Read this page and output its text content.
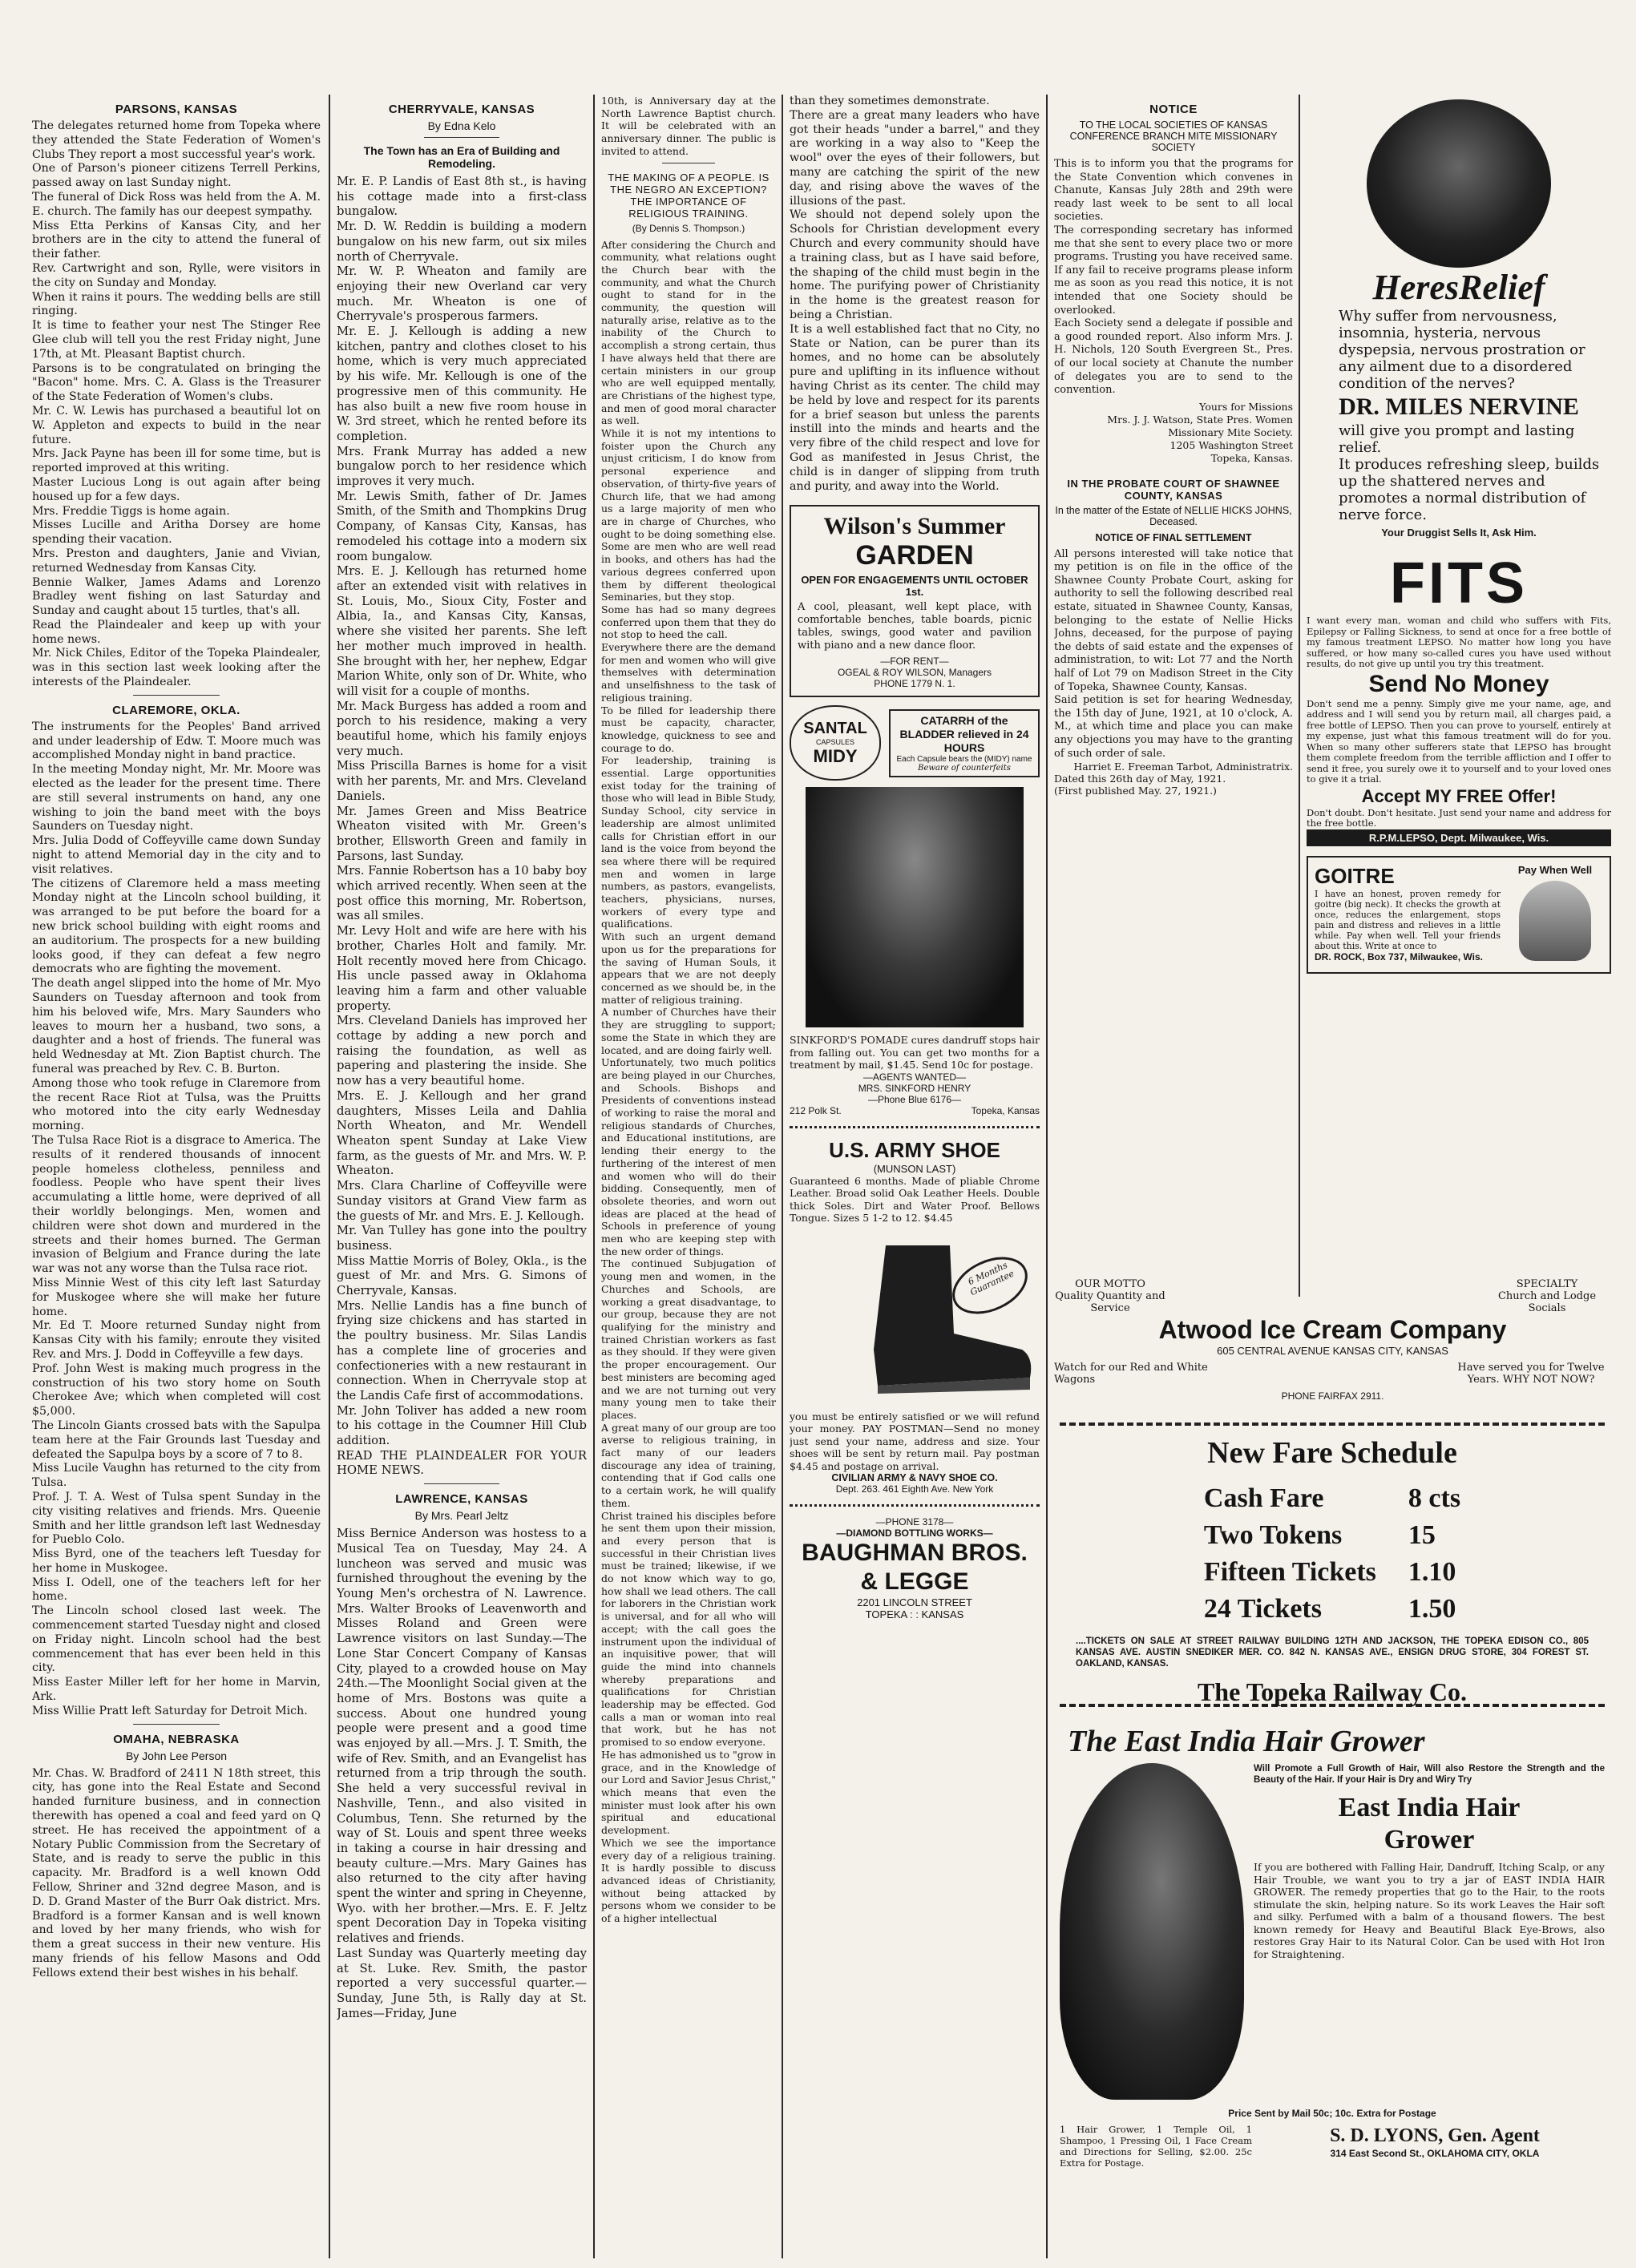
PARSONS, KANSAS

The delegates returned home from Topeka where they attended the State Federation of Women's Clubs They report a most successful year's work.
One of Parson's pioneer citizens Terrell Perkins, passed away on last Sunday night.
The funeral of Dick Ross was held from the A. M. E. church. The family has our deepest sympathy.
Miss Etta Perkins of Kansas City, and her brothers are in the city to attend the funeral of their father.
Rev. Cartwright and son, Rylle, were visitors in the city on Sunday and Monday.
When it rains it pours. The wedding bells are still ringing.
It is time to feather your nest The Stinger Ree Glee club will tell you the rest Friday night, June 17th, at Mt. Pleasant Baptist church.
Parsons is to be congratulated on bringing the "Bacon" home. Mrs. C. A. Glass is the Treasurer of the State Federation of Women's clubs.
Mr. C. W. Lewis has purchased a beautiful lot on W. Appleton and expects to build in the near future.
Mrs. Jack Payne has been ill for some time, but is reported improved at this writing.
Master Lucious Long is out again after being housed up for a few days.
Mrs. Freddie Tiggs is home again.
Misses Lucille and Aritha Dorsey are home spending their vacation.
Mrs. Preston and daughters, Janie and Vivian, returned Wednesday from Kansas City.
Bennie Walker, James Adams and Lorenzo Bradley went fishing on last Saturday and Sunday and caught about 15 turtles, that's all.
Read the Plaindealer and keep up with your home news.
Mr. Nick Chiles, Editor of the Topeka Plaindealer, was in this section last week looking after the interests of the Plaindealer.

CLAREMORE, OKLA.

The instruments for the Peoples' Band arrived and under leadership of Edw. T. Moore much was accomplished Monday night in band practice.
In the meeting Monday night, Mr. Mr. Moore was elected as the leader for the present time. There are still several instruments on hand, any one wishing to join the band meet with the boys Saunders on Tuesday night.
Mrs. Julia Dodd of Coffeyville came down Sunday night to attend Memorial day in the city and to visit relatives.
The citizens of Claremore held a mass meeting Monday night at the Lincoln school building, it was arranged to be put before the board for a new brick school building with eight rooms and an auditorium. The prospects for a new building looks good, if they can defeat a few negro democrats who are fighting the movement.
The death angel slipped into the home of Mr. Myo Saunders on Tuesday afternoon and took from him his beloved wife, Mrs. Mary Saunders who leaves to mourn her a husband, two sons, a daughter and a host of friends. The funeral was held Wednesday at Mt. Zion Baptist church. The funeral was preached by Rev. C. B. Burton.
Among those who took refuge in Claremore from the recent Race Riot at Tulsa, was the Pruitts who motored into the city early Wednesday morning.
The Tulsa Race Riot is a disgrace to America. The results of it rendered thousands of innocent people homeless clotheless, penniless and foodless. People who have spent their lives accumulating a little home, were deprived of all their worldly belongings. Men, women and children were shot down and murdered in the streets and their homes burned. The German invasion of Belgium and France during the late war was not any worse than the Tulsa race riot.
Miss Minnie West of this city left last Saturday for Muskogee where she will make her future home.
Mr. Ed T. Moore returned Sunday night from Kansas City with his family; enroute they visited Rev. and Mrs. J. Dodd in Coffeyville a few days.
Prof. John West is making much progress in the construction of his two story home on South Cherokee Ave; which when completed will cost $5,000.
The Lincoln Giants crossed bats with the Sapulpa team here at the Fair Grounds last Tuesday and defeated the Sapulpa boys by a score of 7 to 8.
Miss Lucile Vaughn has returned to the city from Tulsa.
Prof. J. T. A. West of Tulsa spent Sunday in the city visiting relatives and friends. Mrs. Queenie Smith and her little grandson left last Wednesday for Pueblo Colo.
Miss Byrd, one of the teachers left Tuesday for her home in Muskogee.
Miss I. Odell, one of the teachers left for her home.
The Lincoln school closed last week. The commencement started Tuesday night and closed on Friday night. Lincoln school had the best commencement that has ever been held in this city.
Miss Easter Miller left for her home in Marvin, Ark.
Miss Willie Pratt left Saturday for Detroit Mich.

OMAHA, NEBRASKA
By John Lee Person

Mr. Chas. W. Bradford of 2411 N 18th street, this city, has gone into the Real Estate and Second handed furniture business, and in connection therewith has opened a coal and feed yard on Q street. He has received the appointment of a Notary Public Commission from the Secretary of State, and is ready to serve the public in this capacity. Mr. Bradford is a well known Odd Fellow, Shriner and 32nd degree Mason, and is D. D. Grand Master of the Burr Oak district. Mrs. Bradford is a former Kansan and is well known and loved by her many friends, who wish for them a great success in their new venture. His many friends of his fellow Masons and Odd Fellows extend their best wishes in his behalf.

CHERRYVALE, KANSAS
By Edna Kelo
The Town has an Era of Building and Remodeling.

Mr. E. P. Landis of East 8th st., is having his cottage made into a first-class bungalow.
Mr. D. W. Reddin is building a modern bungalow on his new farm, out six miles north of Cherryvale.
Mr. W. P. Wheaton and family are enjoying their new Overland car very much. Mr. Wheaton is one of Cherryvale's prosperous farmers.
Mr. E. J. Kellough is adding a new kitchen, pantry and clothes closet to his home, which is very much appreciated by his wife. Mr. Kellough is one of the progressive men of this community. He has also built a new five room house in W. 3rd street, which he rented before its completion.
Mrs. Frank Murray has added a new bungalow porch to her residence which improves it very much.
Mr. Lewis Smith, father of Dr. James Smith, of the Smith and Thompkins Drug Company, of Kansas City, Kansas, has remodeled his cottage into a modern six room bungalow.
Mrs. E. J. Kellough has returned home after an extended visit with relatives in St. Louis, Mo., Sioux City, Foster and Albia, Ia., and Kansas City, Kansas, where she visited her parents. She left her mother much improved in health. She brought with her, her nephew, Edgar Marion White, only son of Dr. White, who will visit for a couple of months.
Mr. Mack Burgess has added a room and porch to his residence, making a very beautiful home, which his family enjoys very much.
Miss Priscilla Barnes is home for a visit with her parents, Mr. and Mrs. Cleveland Daniels.
Mr. James Green and Miss Beatrice Wheaton visited with Mr. Green's brother, Ellsworth Green and family in Parsons, last Sunday.
Mrs. Fannie Robertson has a 10 baby boy which arrived recently. When seen at the post office this morning, Mr. Robertson, was all smiles.
Mr. Levy Holt and wife are here with his brother, Charles Holt and family. Mr. Holt recently moved here from Chicago. His uncle passed away in Oklahoma leaving him a farm and other valuable property.
Mrs. Cleveland Daniels has improved her cottage by adding a new porch and raising the foundation, as well as papering and plastering the inside. She now has a very beautiful home.
Mrs. E. J. Kellough and her grand daughters, Misses Leila and Dahlia North Wheaton, and Mr. Wendell Wheaton spent Sunday at Lake View farm, as the guests of Mr. and Mrs. W. P. Wheaton.
Mrs. Clara Charline of Coffeyville were Sunday visitors at Grand View farm as the guests of Mr. and Mrs. E. J. Kellough.
Mr. Van Tulley has gone into the poultry business.
Miss Mattie Morris of Boley, Okla., is the guest of Mr. and Mrs. G. Simons of Cherryvale, Kansas.
Mrs. Nellie Landis has a fine bunch of frying size chickens and has started in the poultry business. Mr. Silas Landis has a complete line of groceries and confectioneries with a new restaurant in connection. When in Cherryvale stop at the Landis Cafe first of accommodations.
Mr. John Toliver has added a new room to his cottage in the Coumner Hill Club addition.
READ THE PLAINDEALER FOR YOUR HOME NEWS.

LAWRENCE, KANSAS
By Mrs. Pearl Jeltz

Miss Bernice Anderson was hostess to a Musical Tea on Tuesday, May 24. A luncheon was served and music was furnished throughout the evening by the Young Men's orchestra of N. Lawrence. Mrs. Walter Brooks of Leavenworth and Misses Roland and Green were Lawrence visitors on last Sunday.—The Lone Star Concert Company of Kansas City, played to a crowded house on May 24th.—The Moonlight Social given at the home of Mrs. Bostons was quite a success. About one hundred young people were present and a good time was enjoyed by all.—Mrs. J. T. Smith, the wife of Rev. Smith, and an Evangelist has returned from a trip through the south. She held a very successful revival in Nashville, Tenn., and also visited in Columbus, Tenn. She returned by the way of St. Louis and spent three weeks in taking a course in hair dressing and beauty culture.—Mrs. Mary Gaines has also returned to the city after having spent the winter and spring in Cheyenne, Wyo. with her brother.—Mrs. E. F. Jeltz spent Decoration Day in Topeka visiting relatives and friends.
Last Sunday was Quarterly meeting day at St. Luke. Rev. Smith, the pastor reported a very successful quarter.—Sunday, June 5th, is Rally day at St. James—Friday, June

10th, is Anniversary day at the North Lawrence Baptist church. It will be celebrated with an anniversary dinner. The public is invited to attend.

THE MAKING OF A PEOPLE. IS THE NEGRO AN EXCEPTION? THE IMPORTANCE OF RELIGIOUS TRAINING.
(By Dennis S. Thompson.)

After considering the Church and community, what relations ought the Church bear with the community, and what the Church ought to stand for in the community, the question will naturally arise, relative as to the inability of the Church to accomplish a strong certain, thus I have always held that there are certain ministers in our group who are well equipped mentally, are Christians of the highest type, and men of good moral character as well.
While it is not my intentions to foister upon the Church any unjust criticism, I do know from personal experience and observation, of thirty-five years of Church life, that we had among us a large majority of men who are in charge of Churches, who ought to be doing something else. Some are men who are well read in books, and others has had the various degrees conferred upon them by different theological Seminaries, but they stop.
Some has had so many degrees conferred upon them that they do not stop to heed the call.
Everywhere there are the demand for men and women who will give themselves with determination and unselfishness to the task of religious training.
To be filled for leadership there must be capacity, character, knowledge, quickness to see and courage to do.
For leadership, training is essential. Large opportunities exist today for the training of those who will lead in Bible Study, Sunday School, city service in leadership are almost unlimited calls for Christian effort in our land is the voice from beyond the sea where there will be required men and women in large numbers, as pastors, evangelists, teachers, physicians, nurses, workers of every type and qualifications.
With such an urgent demand upon us for the preparations for the saving of Human Souls, it appears that we are not deeply concerned as we should be, in the matter of religious training.
A number of Churches have their they are struggling to support; some the State in which they are located, and are doing fairly well.
Unfortunately, two much politics are being played in our Churches, and Schools. Bishops and Presidents of conventions instead of working to raise the moral and religious standards of Churches, and Educational institutions, are lending their energy to the furthering of the interest of men and women who will do their bidding. Consequently, men of obsolete theories, and worn out ideas are placed at the head of Schools in preference of young men who are keeping step with the new order of things.
The continued Subjugation of young men and women, in the Churches and Schools, are working a great disadvantage, to our group, because they are not qualifying for the ministry and trained Christian workers as fast as they should. If they were given the proper encouragement. Our best ministers are becoming aged and we are not turning out very many young men to take their places.
A great many of our group are too averse to religious training, in fact many of our leaders discourage any idea of training, contending that if God calls one to a certain work, he will qualify them.
Christ trained his disciples before he sent them upon their mission, and every person that is successful in their Christian lives must be trained; likewise, if we do not know which way to go, how shall we lead others. The call for laborers in the Christian work is universal, and for all who will accept; with the call goes the instrument upon the individual of an inquisitive power, that will guide the mind into channels whereby preparations and qualifications for Christian leadership may be effected. God calls a man or woman into real that work, but he has not promised to so endow everyone.
He has admonished us to "grow in grace, and in the Knowledge of our Lord and Savior Jesus Christ," which means that even the minister must look after his own spiritual and educational development.
Which we see the importance every day of a religious training. It is hardly possible to discuss advanced ideas of Christianity, without being attacked by persons whom we consider to be of a higher intellectual

than they sometimes demonstrate.
There are a great many leaders who have got their heads "under a barrel," and they are working in a way also to "Keep the wool" over the eyes of their followers, but many are catching the spirit of the new day, and rising above the waves of the illusions of the past.
We should not depend solely upon the Schools for Christian development every Church and every community should have a training class, but as I have said before, the shaping of the child must begin in the home. The purifying power of Christianity in the home is the greatest reason for being a Christian.
It is a well established fact that no City, no State or Nation, can be purer than its homes, and no home can be absolutely pure and uplifting in its influence without having Christ as its center. The child may be held by love and respect for its parents for a brief season but unless the parents instill into the minds and hearts and the very fibre of the child respect and love for God as manifested in Jesus Christ, the child is in danger of slipping from truth and purity, and away into the World.

Wilson's Summer
GARDEN
OPEN FOR ENGAGEMENTS UNTIL OCTOBER 1st.

A cool, pleasant, well kept place, with comfortable benches, table boards, picnic tables, swings, good water and pavilion with piano and a new dance floor.

—FOR RENT—
OGEAL & ROY WILSON, Managers
PHONE 1779 N. 1.
SANTAL
CAPSULES
MIDY
CATARRH of the BLADDER relieved in 24 HOURS
Each Capsule bears the (MIDY) name
Beware of counterfeits

SINKFORD'S POMADE cures dandruff stops hair from falling out. You can get two months for a treatment by mail, $1.45. Send 10c for postage.

—AGENTS WANTED—
MRS. SINKFORD HENRY
—Phone Blue 6176—
212 Polk St.	Topeka, Kansas
U.S. ARMY SHOE
(MUNSON LAST)

Guaranteed 6 months. Made of pliable Chrome Leather. Broad solid Oak Leather Heels. Double thick Soles. Dirt and Water Proof. Bellows Tongue. Sizes 5 1-2 to 12. $4.45

6 Months Guarantee

you must be entirely satisfied or we will refund your money. PAY POSTMAN—Send no money just send your name, address and size. Your shoes will be sent by return mail. Pay postman $4.45 and postage on arrival.

CIVILIAN ARMY & NAVY SHOE CO.
Dept. 263. 461 Eighth Ave. New York
—PHONE 3178—
—DIAMOND BOTTLING WORKS—
BAUGHMAN BROS.
& LEGGE
2201 LINCOLN STREET
TOPEKA : : KANSAS
NOTICE
TO THE LOCAL SOCIETIES OF KANSAS CONFERENCE BRANCH MITE MISSIONARY SOCIETY

This is to inform you that the programs for the State Convention which convenes in Chanute, Kansas July 28th and 29th were ready last week to be sent to all local societies.
The corresponding secretary has informed me that she sent to every place two or more programs. Trusting you have received same. If any fail to receive programs please inform me as soon as you read this notice, it is not intended that one Society should be overlooked.
Each Society send a delegate if possible and a good rounded report. Also inform Mrs. J. H. Nichols, 120 South Evergreen St., Pres. of our local society at Chanute the number of delegates you are to send to the convention.

Yours for Missions
Mrs. J. J. Watson, State Pres. Women Missionary Mite Society.
1205 Washington Street
Topeka, Kansas.
IN THE PROBATE COURT OF SHAWNEE COUNTY, KANSAS
In the matter of the Estate of NELLIE HICKS JOHNS, Deceased.
NOTICE OF FINAL SETTLEMENT

All persons interested will take notice that my petition is on file in the office of the Shawnee County Probate Court, asking for authority to sell the following described real estate, situated in Shawnee County, Kansas, belonging to the estate of Nellie Hicks Johns, deceased, for the purpose of paying the debts of said estate and the expenses of administration, to wit: Lot 77 and the North half of Lot 79 on Madison Street in the City of Topeka, Shawnee County, Kansas.
Said petition is set for hearing Wednesday, the 15th day of June, 1921, at 10 o'clock, A. M., at which time and place you can make any objections you may have to the granting of such order of sale.

Harriet E. Freeman Tarbot, Administratrix.
Dated this 26th day of May, 1921.
(First published May. 27, 1921.)
HeresRelief

Why suffer from nervousness, insomnia, hysteria, nervous dyspepsia, nervous prostration or any ailment due to a disordered condition of the nerves?

DR. MILES NERVINE

will give you prompt and lasting relief.
It produces refreshing sleep, builds up the shattered nerves and promotes a normal distribution of nerve force.

Your Druggist Sells It, Ask Him.
FITS

I want every man, woman and child who suffers with Fits, Epilepsy or Falling Sickness, to send at once for a free bottle of my famous treatment LEPSO. No matter how long you have suffered, or how many so-called cures you have used without results, do not give up until you try this treatment.

Send No Money

Don't send me a penny. Simply give me your name, age, and address and I will send you by return mail, all charges paid, a free bottle of LEPSO. Then you can prove to yourself, entirely at my expense, just what this famous treatment will do for you. When so many other sufferers state that LEPSO has brought them complete freedom from the terrible affliction and I offer to send it free, you surely owe it to yourself and to your loved ones to give it a trial.

Accept MY FREE Offer!

Don't doubt. Don't hesitate. Just send your name and address for the free bottle.

R.P.M.LEPSO, Dept. Milwaukee, Wis.
GOITRE

I have an honest, proven remedy for goitre (big neck). It checks the growth at once, reduces the enlargement, stops pain and distress and relieves in a little while. Pay when well. Tell your friends about this. Write at once to

DR. ROCK, Box 737, Milwaukee, Wis.
Pay When Well
OUR MOTTO
Quality Quantity and Service
SPECIALTY
Church and Lodge Socials
Atwood Ice Cream Company
605 CENTRAL AVENUE KANSAS CITY, KANSAS
Watch for our Red and White Wagons
Have served you for Twelve Years. WHY NOT NOW?
PHONE FAIRFAX 2911.
New Fare Schedule
Cash Fare	8 cts
Two Tokens	15
Fifteen Tickets	1.10
24 Tickets	1.50

....TICKETS ON SALE AT STREET RAILWAY BUILDING 12TH AND JACKSON, THE TOPEKA EDISON CO., 805 KANSAS AVE. AUSTIN SNEDIKER MER. CO. 842 N. KANSAS AVE., ENSIGN DRUG STORE, 304 FOREST ST. OAKLAND, KANSAS.

The Topeka Railway Co.
The East India Hair Grower

Will Promote a Full Growth of Hair, Will also Restore the Strength and the Beauty of the Hair. If your Hair is Dry and Wiry Try

East India Hair
Grower

If you are bothered with Falling Hair, Dandruff, Itching Scalp, or any Hair Trouble, we want you to try a jar of EAST INDIA HAIR GROWER. The remedy properties that go to the Hair, to the roots stimulate the skin, helping nature. So its work Leaves the Hair soft and silky. Perfumed with a balm of a thousand flowers. The best known remedy for Heavy and Beautiful Black Eye-Brows, also restores Gray Hair to its Natural Color. Can be used with Hot Iron for Straightening.

Price Sent by Mail 50c; 10c. Extra for Postage

1 Hair Grower, 1 Temple Oil, 1 Shampoo, 1 Pressing Oil, 1 Face Cream and Directions for Selling, $2.00. 25c Extra for Postage.

S. D. LYONS, Gen. Agent
314 East Second St., OKLAHOMA CITY, OKLA
